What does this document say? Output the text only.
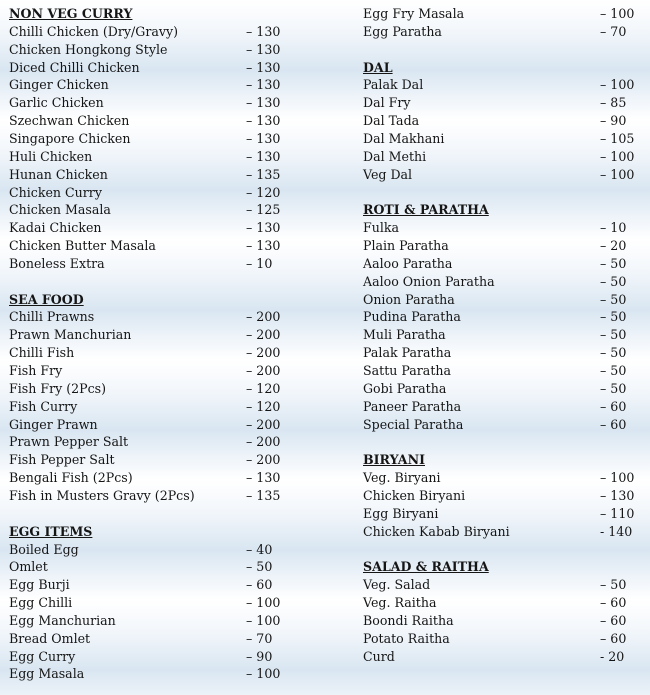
NON VEG CURRY
Chilli Chicken (Dry/Gravy)	– 130
Chicken Hongkong Style	– 130
Diced Chilli Chicken	– 130
Ginger Chicken	– 130
Garlic Chicken	– 130
Szechwan Chicken	– 130
Singapore Chicken	– 130
Huli Chicken	– 130
Hunan Chicken	– 135
Chicken Curry	– 120
Chicken Masala	– 125
Kadai Chicken	– 130
Chicken Butter Masala	– 130
Boneless Extra	– 10
SEA FOOD
Chilli Prawns	– 200
Prawn Manchurian	– 200
Chilli Fish	– 200
Fish Fry	– 200
Fish Fry (2Pcs)	– 120
Fish Curry	– 120
Ginger Prawn	– 200
Prawn Pepper Salt	– 200
Fish Pepper Salt	– 200
Bengali Fish (2Pcs)	– 130
Fish in Musters Gravy (2Pcs)	– 135
EGG ITEMS
Boiled Egg	– 40
Omlet	– 50
Egg Burji	– 60
Egg Chilli	– 100
Egg Manchurian	– 100
Bread Omlet	– 70
Egg Curry	– 90
Egg Masala	– 100
Egg Fry Masala	– 100
Egg Paratha	– 70
DAL
Palak Dal	– 100
Dal Fry	– 85
Dal Tada	– 90
Dal Makhani	– 105
Dal Methi	– 100
Veg Dal	– 100
ROTI & PARATHA
Fulka	– 10
Plain Paratha	– 20
Aaloo Paratha	– 50
Aaloo Onion Paratha	– 50
Onion Paratha	– 50
Pudina Paratha	– 50
Muli Paratha	– 50
Palak Paratha	– 50
Sattu Paratha	– 50
Gobi Paratha	– 50
Paneer Paratha	– 60
Special Paratha	– 60
BIRYANI
Veg. Biryani	– 100
Chicken Biryani	– 130
Egg Biryani	– 110
Chicken Kabab Biryani	- 140
SALAD & RAITHA
Veg. Salad	– 50
Veg. Raitha	– 60
Boondi Raitha	– 60
Potato Raitha	– 60
Curd	- 20
